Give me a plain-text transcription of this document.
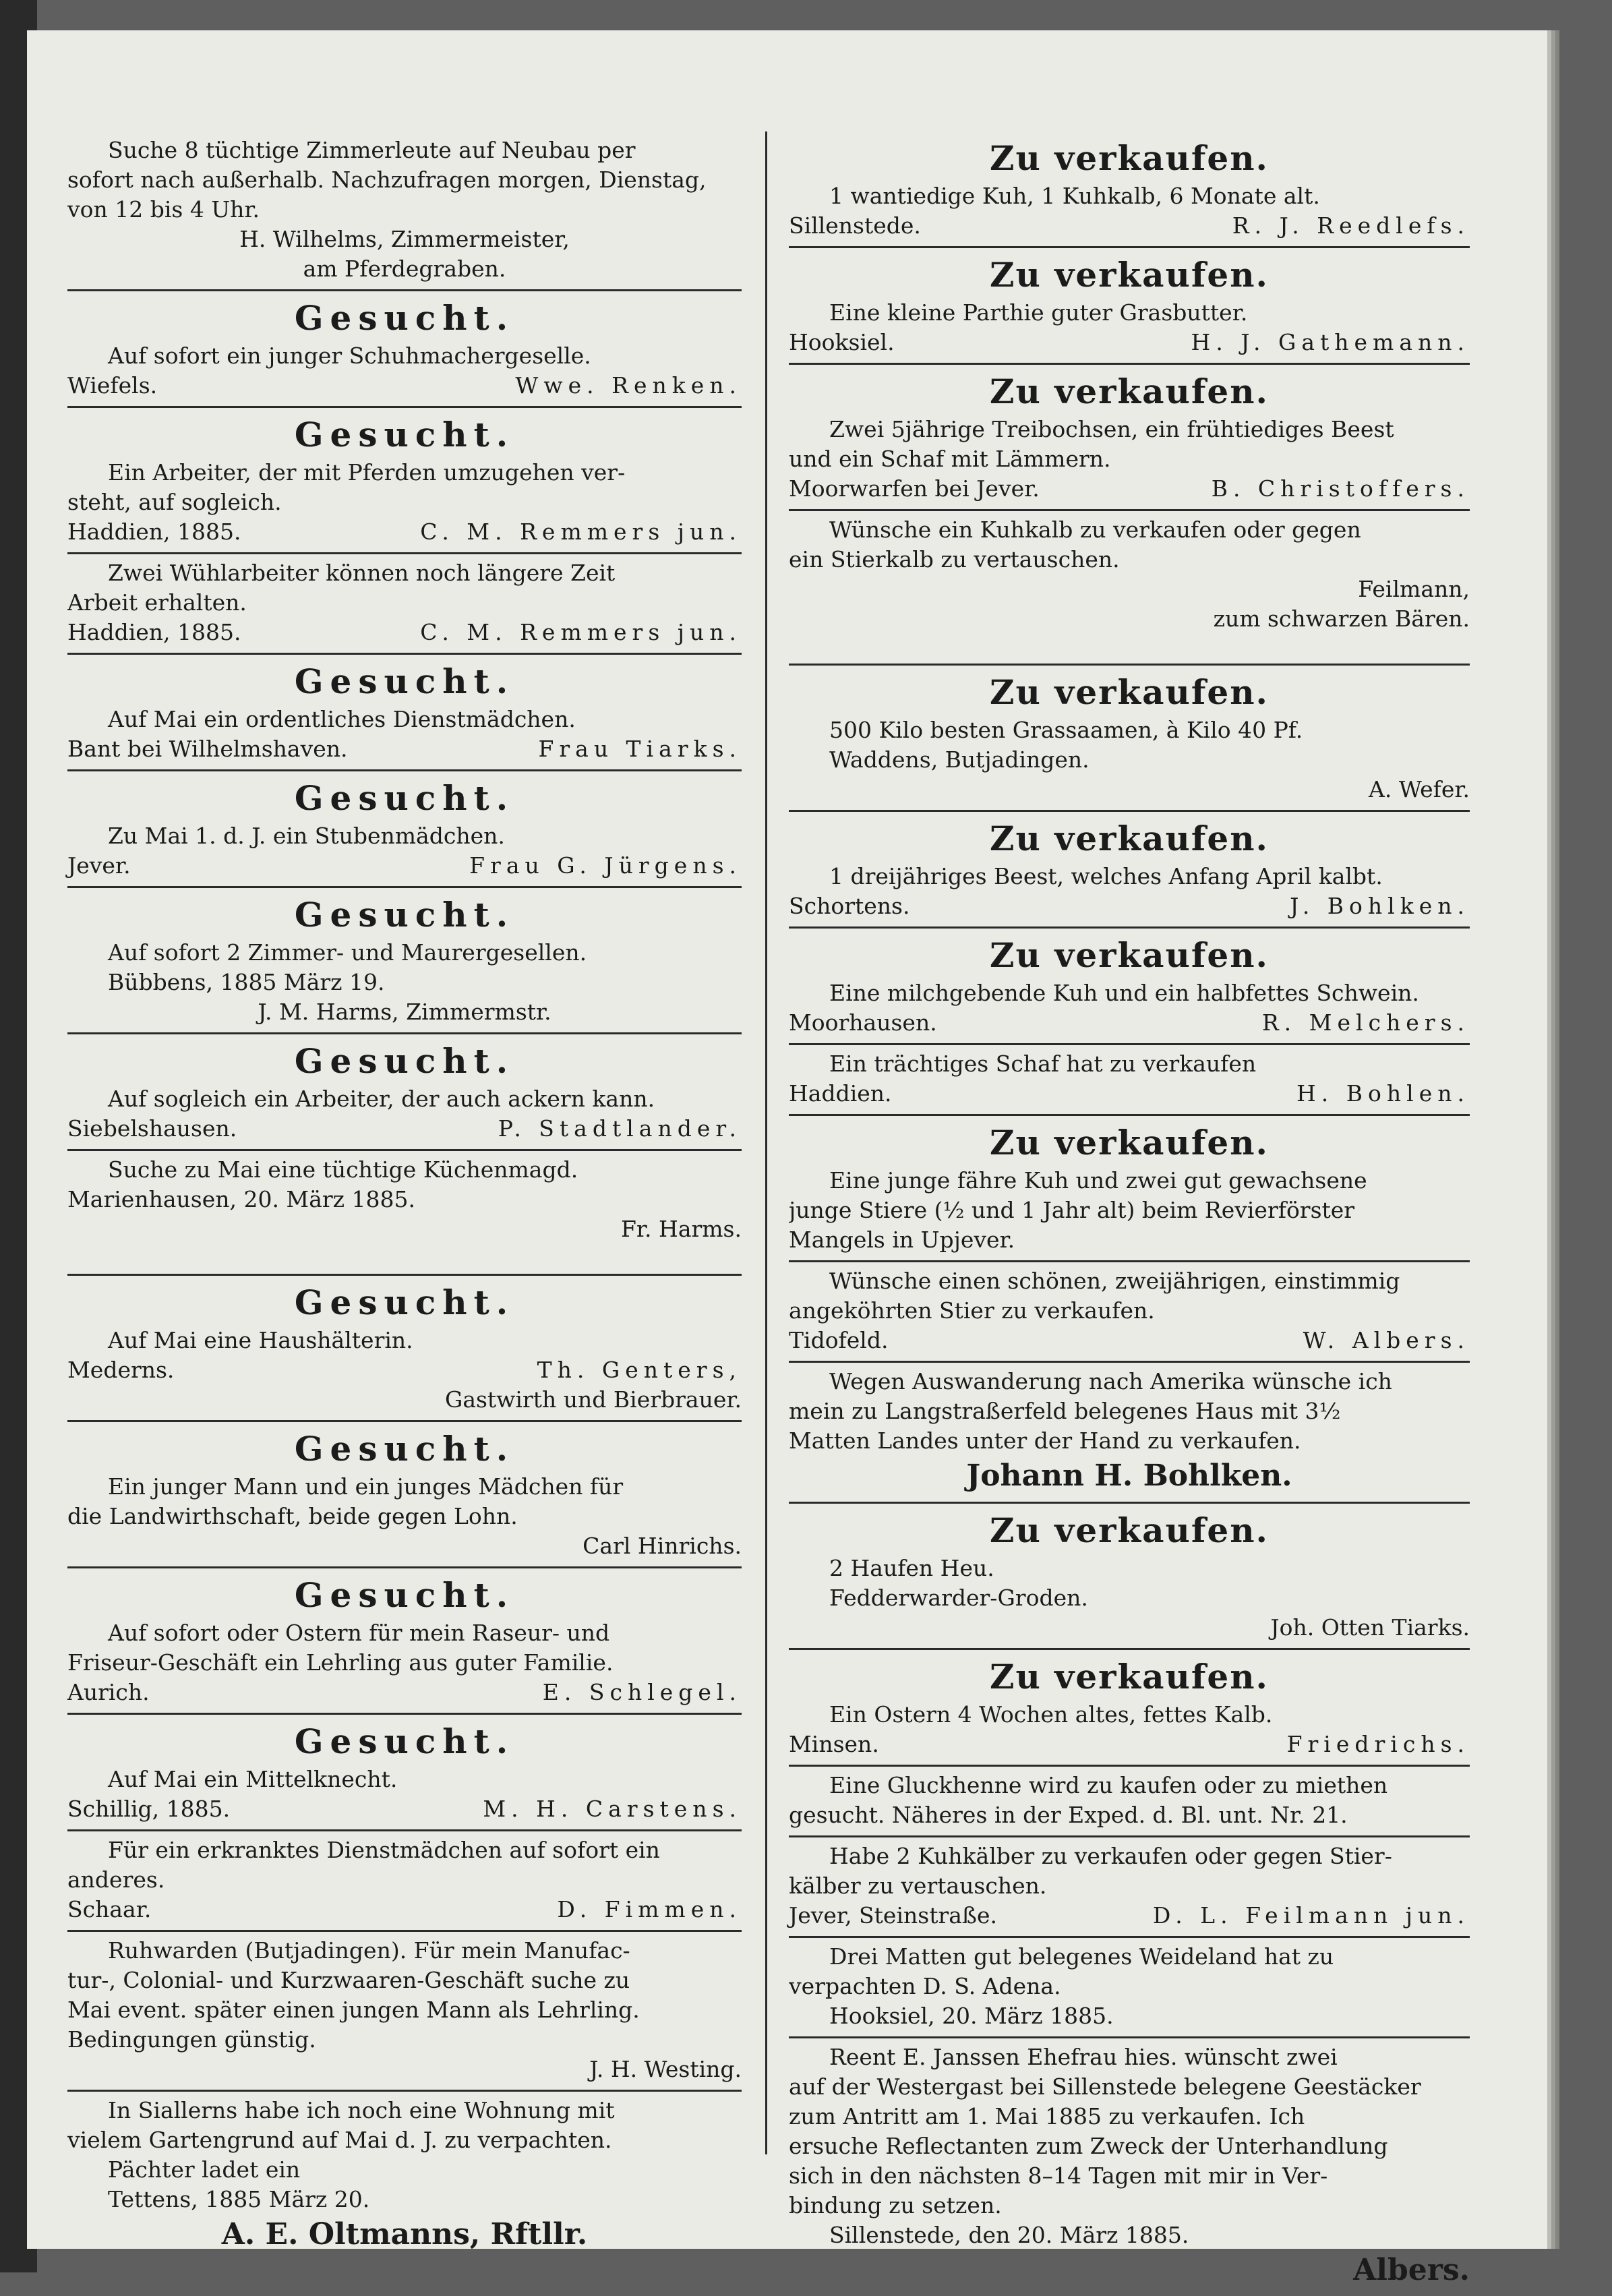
Suche 8 tüchtige Zimmerleute auf Neubau per
sofort nach außerhalb. Nachzufragen morgen, Dienstag,
von 12 bis 4 Uhr.
H. Wilhelms, Zimmermeister,
am Pferdegraben.
Gesucht.
Auf sofort ein junger Schuhmachergeselle.
Wiefels.	Wwe. Renken.
Gesucht.
Ein Arbeiter, der mit Pferden umzugehen ver-
steht, auf sogleich.
Haddien, 1885.	C. M. Remmers jun.
Zwei Wühlarbeiter können noch längere Zeit
Arbeit erhalten.
Haddien, 1885.	C. M. Remmers jun.
Gesucht.
Auf Mai ein ordentliches Dienstmädchen.
Bant bei Wilhelmshaven.	Frau Tiarks.
Gesucht.
Zu Mai 1. d. J. ein Stubenmädchen.
Jever.	Frau G. Jürgens.
Gesucht.
Auf sofort 2 Zimmer- und Maurergesellen.
Bübbens, 1885 März 19.
J. M. Harms, Zimmermstr.
Gesucht.
Auf sogleich ein Arbeiter, der auch ackern kann.
Siebelshausen.	P. Stadtlander.
Suche zu Mai eine tüchtige Küchenmagd.
Marienhausen, 20. März 1885.
Fr. Harms.
Gesucht.
Auf Mai eine Haushälterin.
Mederns.	Th. Genters,
Gastwirth und Bierbrauer.
Gesucht.
Ein junger Mann und ein junges Mädchen für
die Landwirthschaft, beide gegen Lohn.
Carl Hinrichs.
Gesucht.
Auf sofort oder Ostern für mein Raseur- und
Friseur-Geschäft ein Lehrling aus guter Familie.
Aurich.	E. Schlegel.
Gesucht.
Auf Mai ein Mittelknecht.
Schillig, 1885.	M. H. Carstens.
Für ein erkranktes Dienstmädchen auf sofort ein
anderes.
Schaar.	D. Fimmen.
Ruhwarden (Butjadingen). Für mein Manufac-
tur-, Colonial- und Kurzwaaren-Geschäft suche zu
Mai event. später einen jungen Mann als Lehrling.
Bedingungen günstig.
J. H. Westing.
In Siallerns habe ich noch eine Wohnung mit
vielem Gartengrund auf Mai d. J. zu verpachten.
Pächter ladet ein
Tettens, 1885 März 20.
A. E. Oltmanns, Rftllr.
Zu verkaufen.
1 wantiedige Kuh, 1 Kuhkalb, 6 Monate alt.
Sillenstede.	R. J. Reedlefs.
Zu verkaufen.
Eine kleine Parthie guter Grasbutter.
Hooksiel.	H. J. Gathemann.
Zu verkaufen.
Zwei 5jährige Treibochsen, ein frühtiediges Beest
und ein Schaf mit Lämmern.
Moorwarfen bei Jever.	B. Christoffers.
Wünsche ein Kuhkalb zu verkaufen oder gegen
ein Stierkalb zu vertauschen.
Feilmann,
zum schwarzen Bären.
Zu verkaufen.
500 Kilo besten Grassaamen, à Kilo 40 Pf.
Waddens, Butjadingen.
A. Wefer.
Zu verkaufen.
1 dreijähriges Beest, welches Anfang April kalbt.
Schortens.	J. Bohlken.
Zu verkaufen.
Eine milchgebende Kuh und ein halbfettes Schwein.
Moorhausen.	R. Melchers.
Ein trächtiges Schaf hat zu verkaufen
Haddien.	H. Bohlen.
Zu verkaufen.
Eine junge fähre Kuh und zwei gut gewachsene
junge Stiere (½ und 1 Jahr alt) beim Revierförster
Mangels in Upjever.
Wünsche einen schönen, zweijährigen, einstimmig
angeköhrten Stier zu verkaufen.
Tidofeld.	W. Albers.
Wegen Auswanderung nach Amerika wünsche ich
mein zu Langstraßerfeld belegenes Haus mit 3½
Matten Landes unter der Hand zu verkaufen.
Johann H. Bohlken.
Zu verkaufen.
2 Haufen Heu.
Fedderwarder-Groden.
Joh. Otten Tiarks.
Zu verkaufen.
Ein Ostern 4 Wochen altes, fettes Kalb.
Minsen.	Friedrichs.
Eine Gluckhenne wird zu kaufen oder zu miethen
gesucht. Näheres in der Exped. d. Bl. unt. Nr. 21.
Habe 2 Kuhkälber zu verkaufen oder gegen Stier-
kälber zu vertauschen.
Jever, Steinstraße.	D. L. Feilmann jun.
Drei Matten gut belegenes Weideland hat zu
verpachten D. S. Adena.
Hooksiel, 20. März 1885.
Reent E. Janssen Ehefrau hies. wünscht zwei
auf der Westergast bei Sillenstede belegene Geestäcker
zum Antritt am 1. Mai 1885 zu verkaufen. Ich
ersuche Reflectanten zum Zweck der Unterhandlung
sich in den nächsten 8–14 Tagen mit mir in Ver-
bindung zu setzen.
Sillenstede, den 20. März 1885.
Albers.
